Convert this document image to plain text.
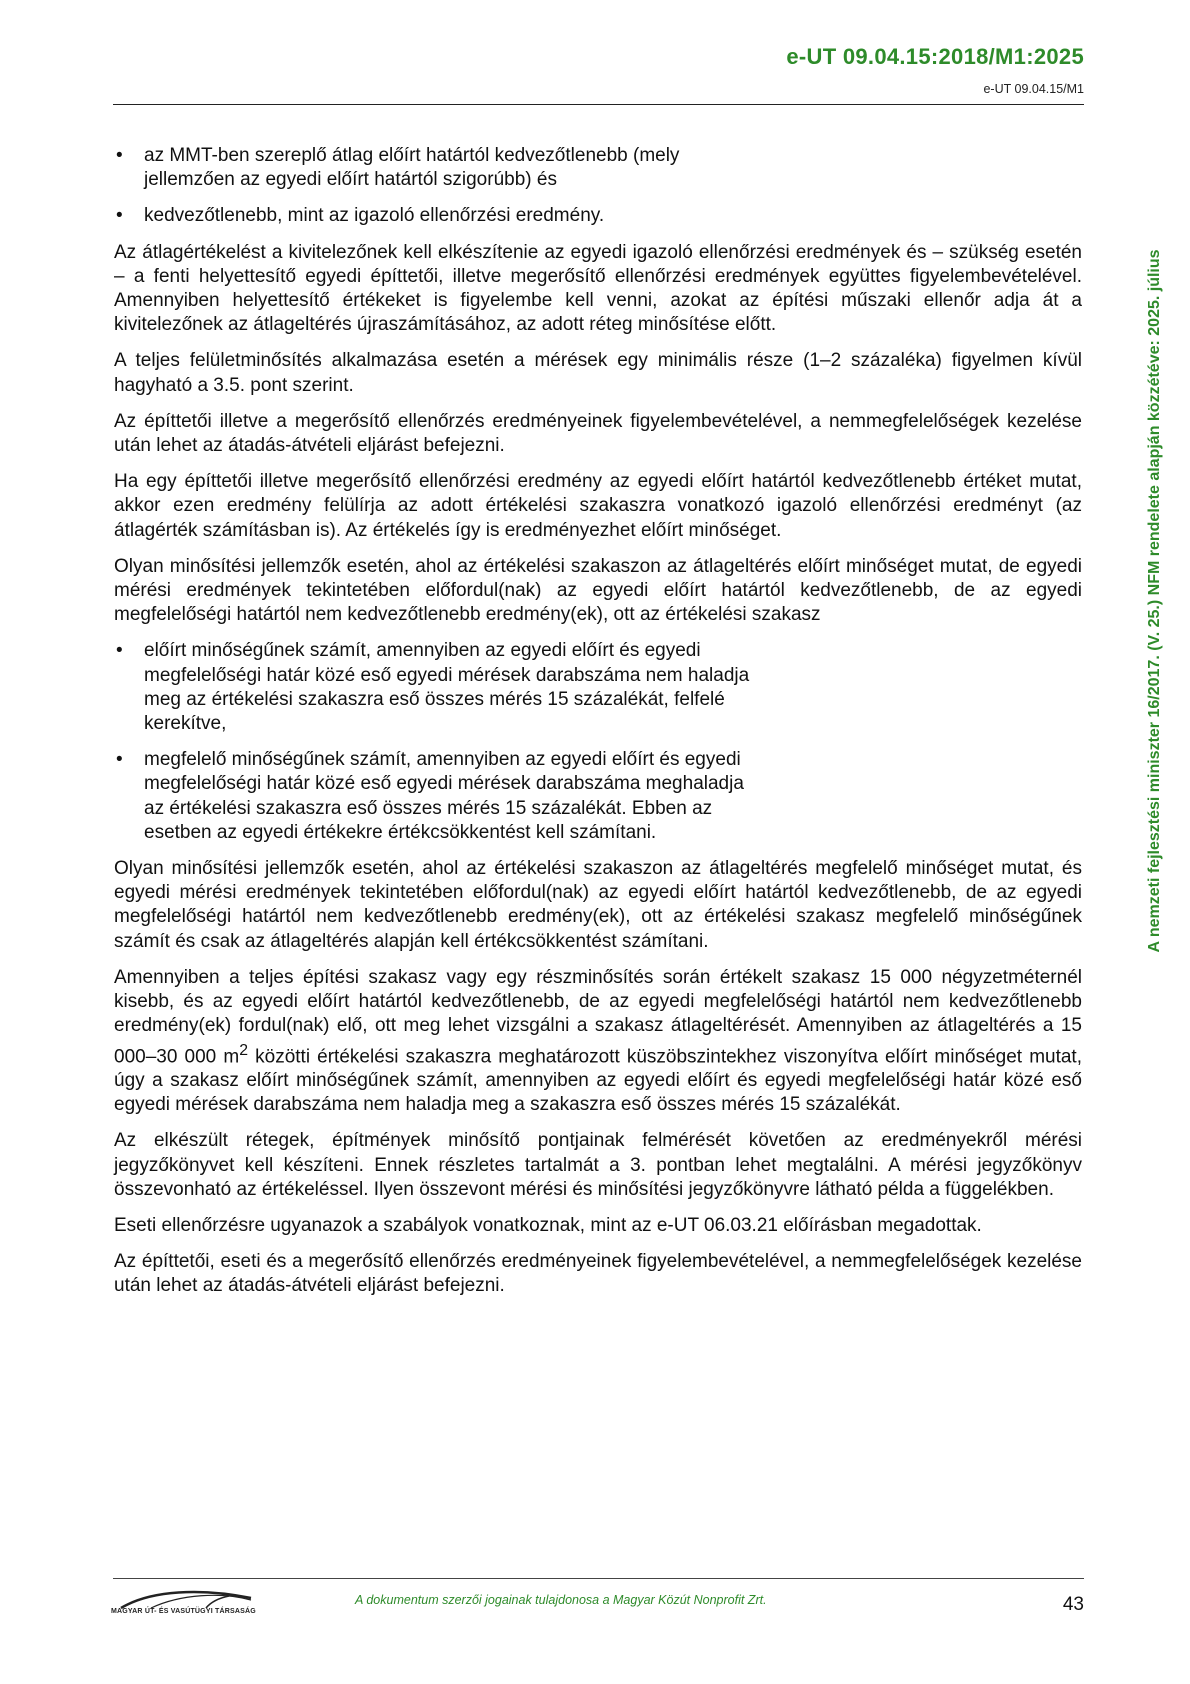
e-UT 09.04.15:2018/M1:2025
e-UT 09.04.15/M1
A nemzeti fejlesztési miniszter 16/2017. (V. 25.) NFM rendelete alapján közzétéve: 2025. július
• az MMT-ben szereplő átlag előírt határtól kedvezőtlenebb (mely jellemzően az egyedi előírt határtól szigorúbb) és
• kedvezőtlenebb, mint az igazoló ellenőrzési eredmény.

Az átlagértékelést a kivitelezőnek kell elkészítenie az egyedi igazoló ellenőrzési eredmények és – szükség esetén – a fenti helyettesítő egyedi építtetői, illetve megerősítő ellenőrzési eredmények együttes figyelembevételével. Amennyiben helyettesítő értékeket is figyelembe kell venni, azokat az építési műszaki ellenőr adja át a kivitelezőnek az átlageltérés újraszámításához, az adott réteg minősítése előtt.

A teljes felületminősítés alkalmazása esetén a mérések egy minimális része (1–2 százaléka) figyelmen kívül hagyható a 3.5. pont szerint.

Az építtetői illetve a megerősítő ellenőrzés eredményeinek figyelembevételével, a nemmegfelelőségek kezelése után lehet az átadás-átvételi eljárást befejezni.

Ha egy építtetői illetve megerősítő ellenőrzési eredmény az egyedi előírt határtól kedvezőtlenebb értéket mutat, akkor ezen eredmény felülírja az adott értékelési szakaszra vonatkozó igazoló ellenőrzési eredményt (az átlagérték számításban is). Az értékelés így is eredményezhet előírt minőséget.

Olyan minősítési jellemzők esetén, ahol az értékelési szakaszon az átlageltérés előírt minőséget mutat, de egyedi mérési eredmények tekintetében előfordul(nak) az egyedi előírt határtól kedvezőtlenebb, de az egyedi megfelelőségi határtól nem kedvezőtlenebb eredmény(ek), ott az értékelési szakasz

• előírt minőségűnek számít, amennyiben az egyedi előírt és egyedi megfelelőségi határ közé eső egyedi mérések darabszáma nem haladja meg az értékelési szakaszra eső összes mérés 15 százalékát, felfelé kerekítve,
• megfelelő minőségűnek számít, amennyiben az egyedi előírt és egyedi megfelelőségi határ közé eső egyedi mérések darabszáma meghaladja az értékelési szakaszra eső összes mérés 15 százalékát. Ebben az esetben az egyedi értékekre értékcsökkentést kell számítani.

Olyan minősítési jellemzők esetén, ahol az értékelési szakaszon az átlageltérés megfelelő minőséget mutat, és egyedi mérési eredmények tekintetében előfordul(nak) az egyedi előírt határtól kedvezőtlenebb, de az egyedi megfelelőségi határtól nem kedvezőtlenebb eredmény(ek), ott az értékelési szakasz megfelelő minőségűnek számít és csak az átlageltérés alapján kell értékcsökkentést számítani.

Amennyiben a teljes építési szakasz vagy egy részminősítés során értékelt szakasz 15 000 négyzetméternél kisebb, és az egyedi előírt határtól kedvezőtlenebb, de az egyedi megfelelőségi határtól nem kedvezőtlenebb eredmény(ek) fordul(nak) elő, ott meg lehet vizsgálni a szakasz átlageltérését. Amennyiben az átlageltérés a 15 000–30 000 $m^2$ közötti értékelési szakaszra meghatározott küszöbszintekhez viszonyítva előírt minőséget mutat, úgy a szakasz előírt minőségűnek számít, amennyiben az egyedi előírt és egyedi megfelelőségi határ közé eső egyedi mérések darabszáma nem haladja meg a szakaszra eső összes mérés 15 százalékát.

Az elkészült rétegek, építmények minősítő pontjainak felmérését követően az eredményekről mérési jegyzőkönyvet kell készíteni. Ennek részletes tartalmát a 3. pontban lehet megtalálni. A mérési jegyzőkönyv összevonható az értékeléssel. Ilyen összevont mérési és minősítési jegyzőkönyvre látható példa a függelékben.

Eseti ellenőrzésre ugyanazok a szabályok vonatkoznak, mint az e-UT 06.03.21 előírásban megadottak.

Az építtetői, eseti és a megerősítő ellenőrzés eredményeinek figyelembevételével, a nemmegfelelőségek kezelése után lehet az átadás-átvételi eljárást befejezni.

MAGYAR ÚT- ÉS VASÚTÜGYI TÁRSASÁG
A dokumentum szerzői jogainak tulajdonosa a Magyar Közút Nonprofit Zrt.	43
